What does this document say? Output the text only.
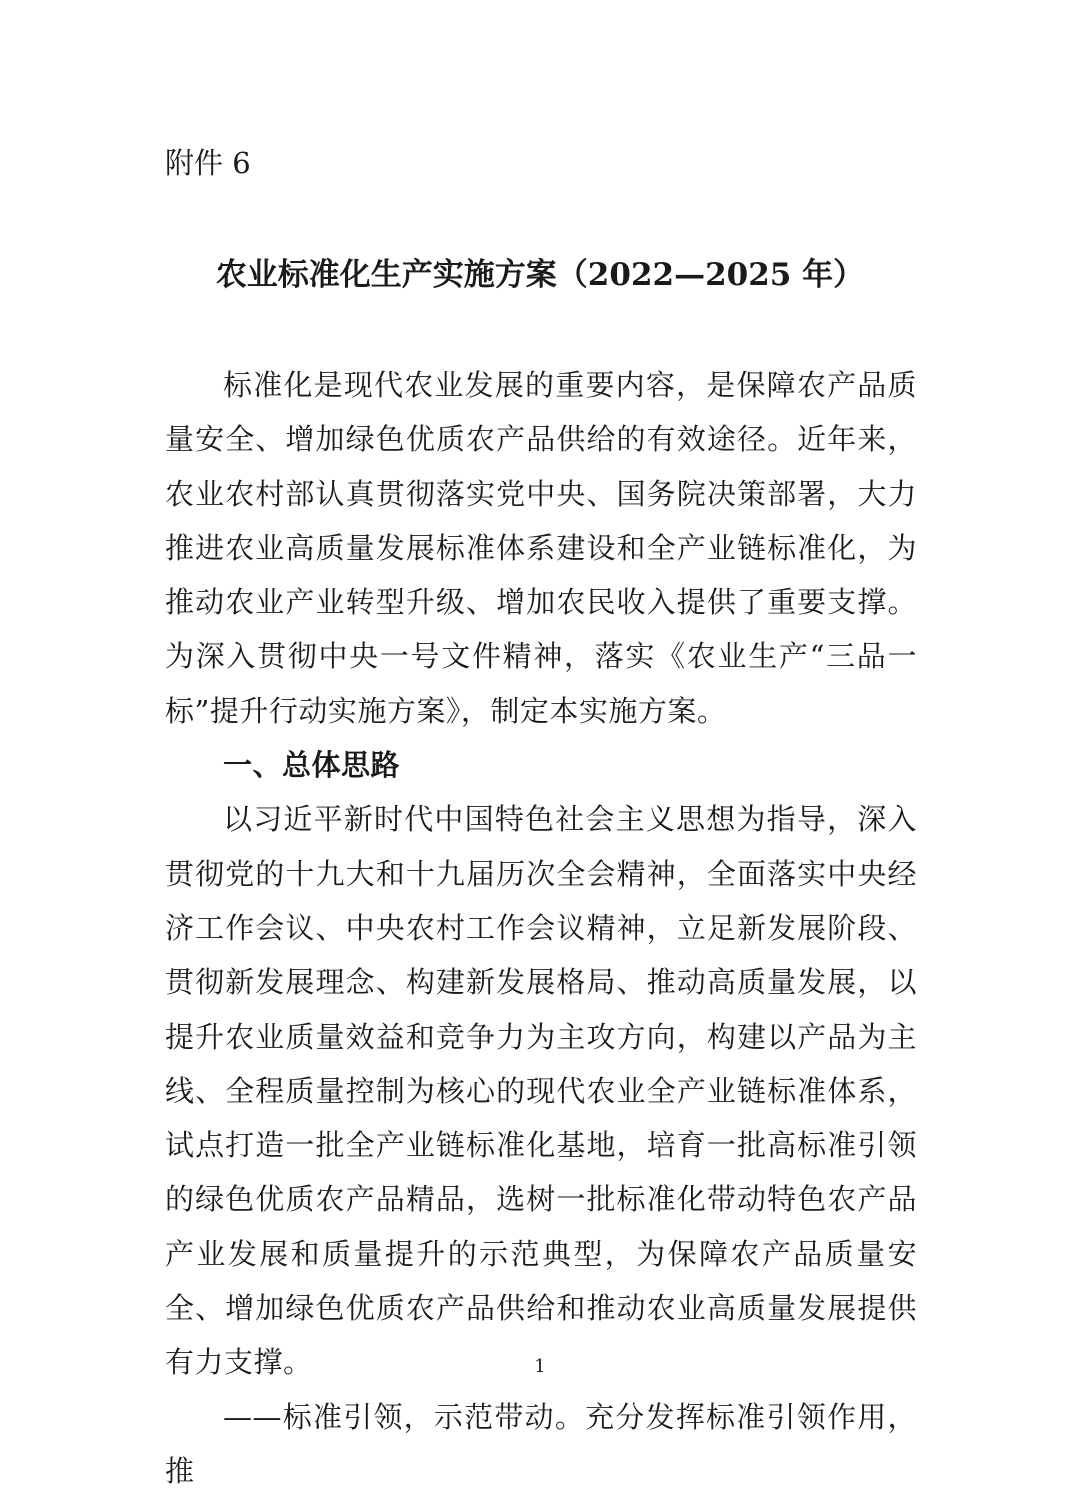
附件 6

农业标准化生产实施方案（2022—2025 年）

标准化是现代农业发展的重要内容，是保障农产品质量安全、增加绿色优质农产品供给的有效途径。近年来，农业农村部认真贯彻落实党中央、国务院决策部署，大力推进农业高质量发展标准体系建设和全产业链标准化，为推动农业产业转型升级、增加农民收入提供了重要支撑。为深入贯彻中央一号文件精神，落实《农业生产“三品一标”提升行动实施方案》，制定本实施方案。

一、总体思路

以习近平新时代中国特色社会主义思想为指导，深入贯彻党的十九大和十九届历次全会精神，全面落实中央经济工作会议、中央农村工作会议精神，立足新发展阶段、贯彻新发展理念、构建新发展格局、推动高质量发展，以提升农业质量效益和竞争力为主攻方向，构建以产品为主线、全程质量控制为核心的现代农业全产业链标准体系，试点打造一批全产业链标准化基地，培育一批高标准引领的绿色优质农产品精品，选树一批标准化带动特色农产品产业发展和质量提升的示范典型，为保障农产品质量安全、增加绿色优质农产品供给和推动农业高质量发展提供有力支撑。

——标准引领，示范带动。充分发挥标准引领作用，推

1
